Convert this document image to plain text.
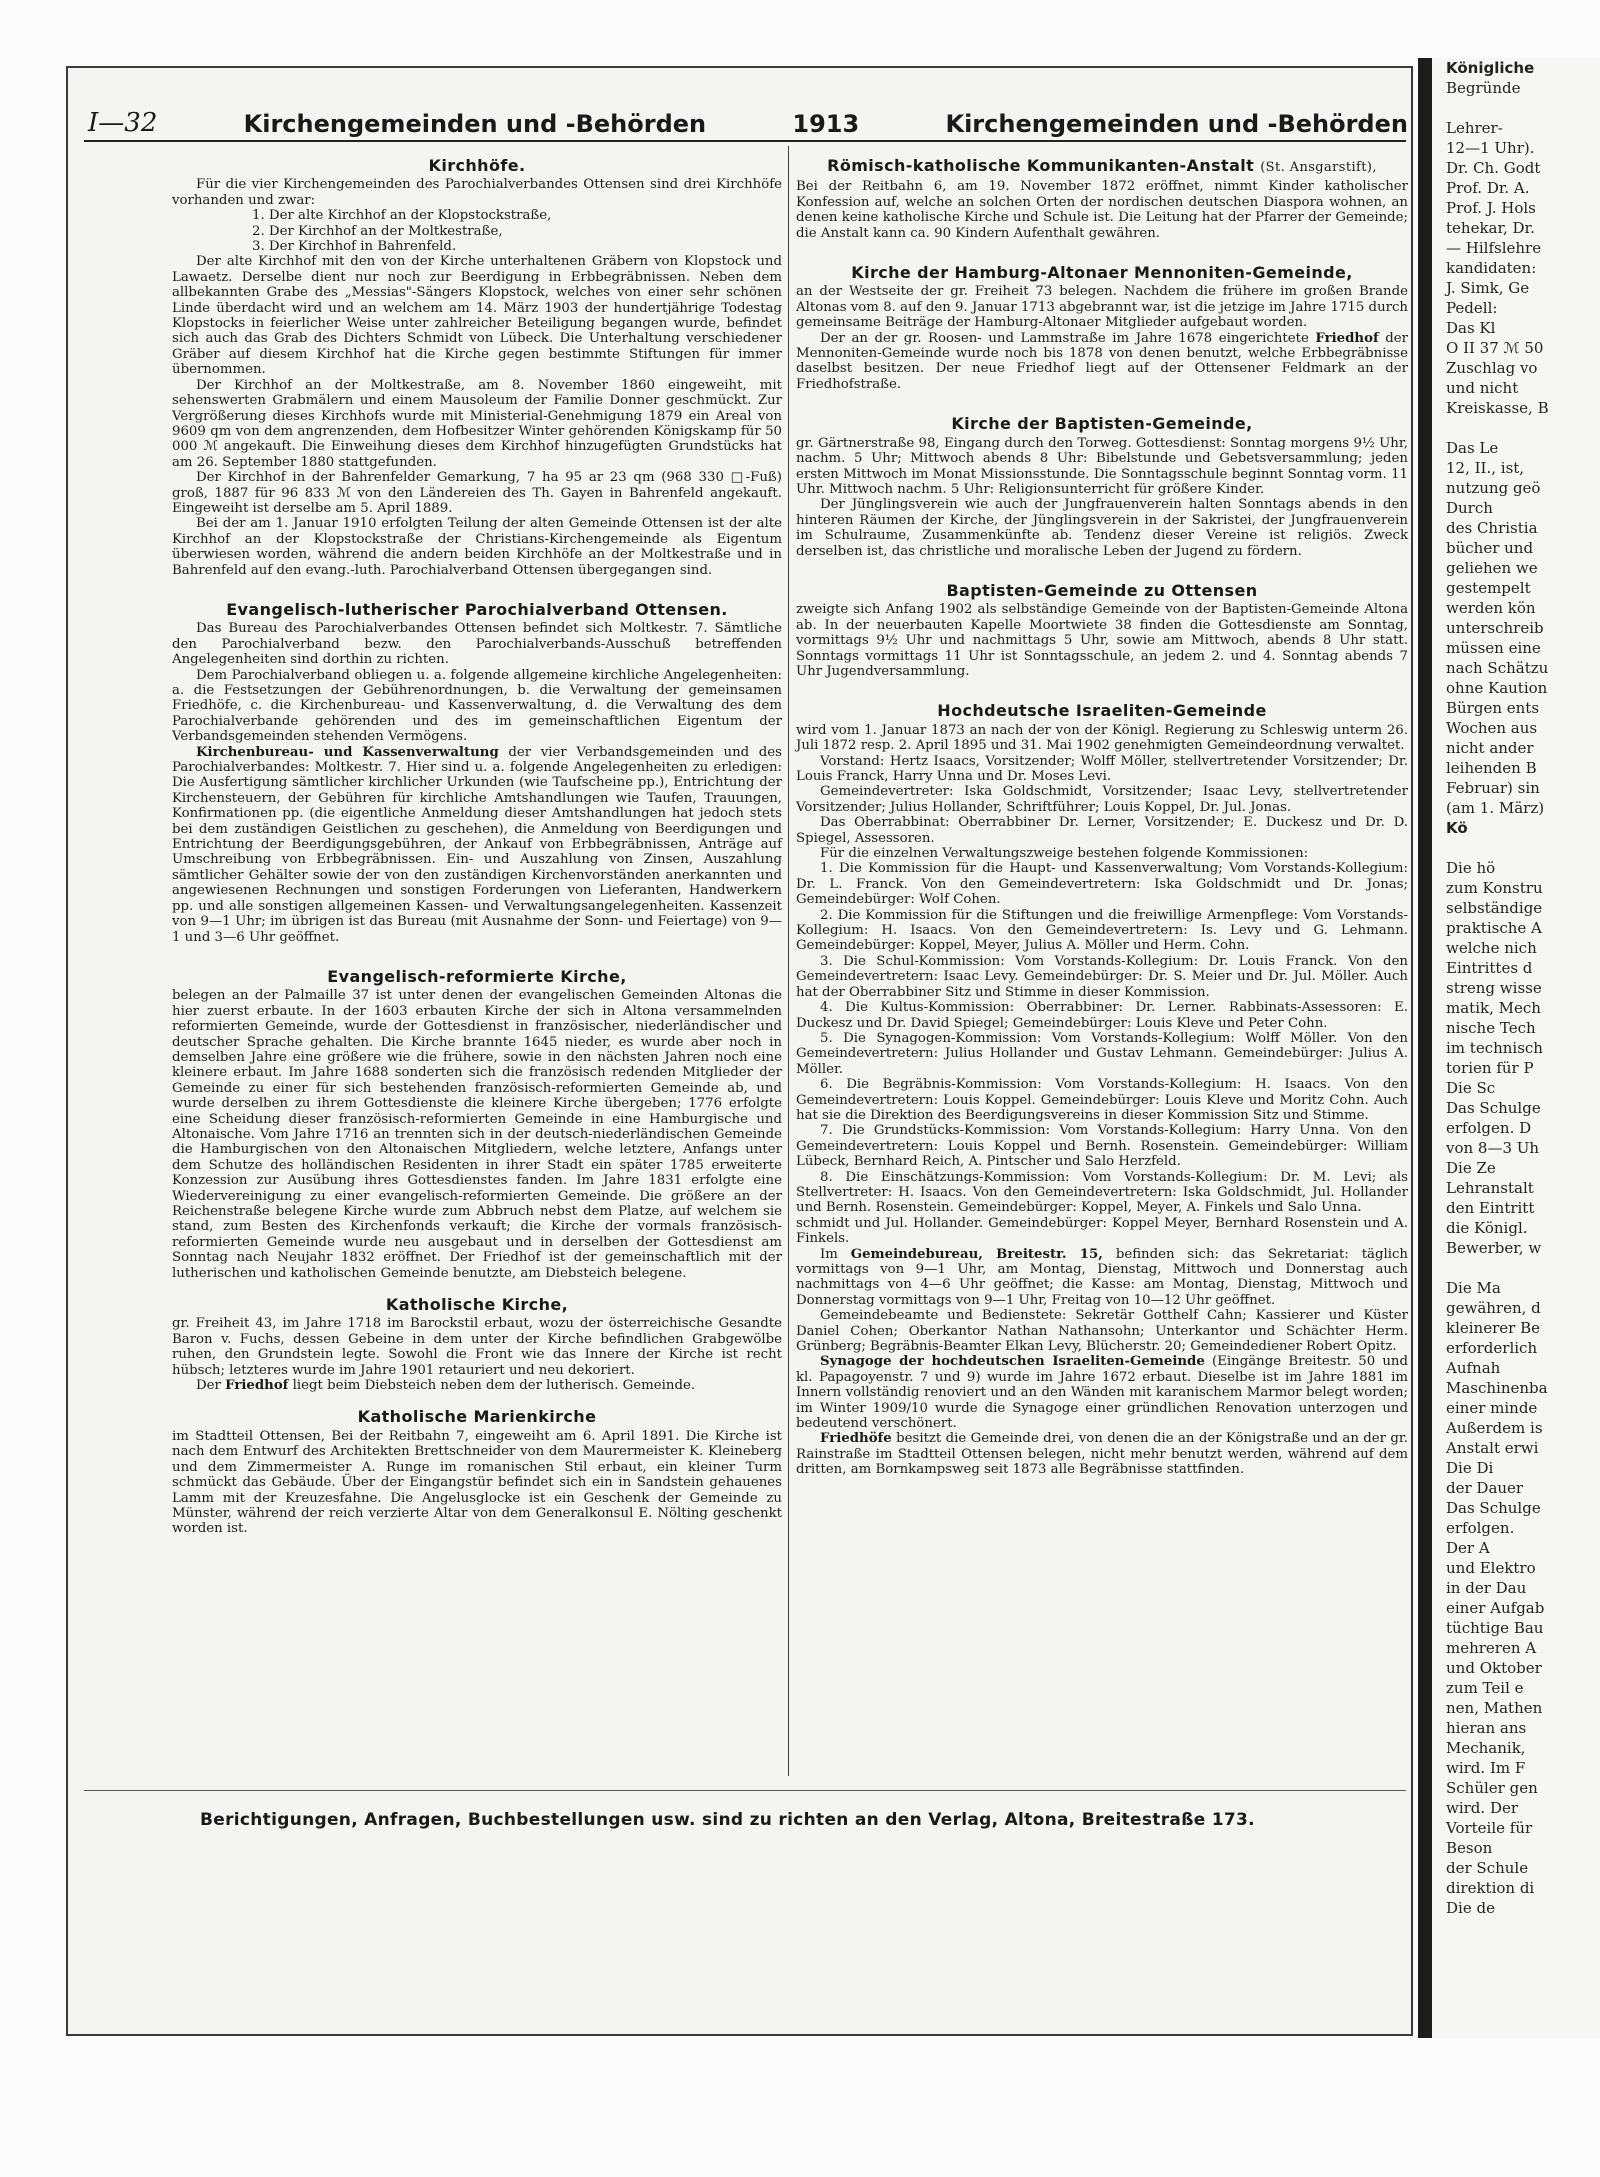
Königliche
Begründe

Lehrer-
12—1 Uhr).
Dr. Ch. Godt
Prof. Dr. A.
Prof. J. Hols
tehekar, Dr.
— Hilfslehre
kandidaten:
J. Simk, Ge
Pedell:
Das Kl
O II 37 ℳ 50
Zuschlag vo
und nicht
Kreiskasse, B

Das Le
12, II., ist,
nutzung geö
Durch
des Christia
bücher und
geliehen we
gestempelt
werden kön
unterschreib
müssen eine
nach Schätzu
ohne Kaution
Bürgen ents
Wochen aus
nicht ander
leihenden B
Februar) sin
(am 1. März)
Kö

Die hö
zum Konstru
selbständige
praktische A
welche nich
Eintrittes d
streng wisse
matik, Mech
nische Tech
im technisch
torien für P
Die Sc
Das Schulge
erfolgen. D
von 8—3 Uh
Die Ze
Lehranstalt
den Eintritt
die Königl.
Bewerber, w

Die Ma
gewähren, d
kleinerer Be
erforderlich
Aufnah
Maschinenba
einer minde
Außerdem is
Anstalt erwi
Die Di
der Dauer
Das Schulge
erfolgen.
Der A
und Elektro
in der Dau
einer Aufgab
tüchtige Bau
mehreren A
und Oktober
zum Teil e
nen, Mathen
hieran ans
Mechanik,
wird. Im F
Schüler gen
wird. Der
Vorteile für
Beson
der Schule
direktion di
Die de
I—32	Kirchengemeinden und -Behörden	1913	Kirchengemeinden und -Behörden
Kirchhöfe.

Für die vier Kirchengemeinden des Parochialverbandes Ottensen sind drei Kirchhöfe vorhanden und zwar:

1. Der alte Kirchhof an der Klopstockstraße,

2. Der Kirchhof an der Moltkestraße,

3. Der Kirchhof in Bahrenfeld.

Der alte Kirchhof mit den von der Kirche unterhaltenen Gräbern von Klopstock und Lawaetz. Derselbe dient nur noch zur Beerdigung in Erbbegräbnissen. Neben dem allbekannten Grabe des „Messias"-Sängers Klopstock, welches von einer sehr schönen Linde überdacht wird und an welchem am 14. März 1903 der hundertjährige Todestag Klopstocks in feierlicher Weise unter zahlreicher Beteiligung begangen wurde, befindet sich auch das Grab des Dichters Schmidt von Lübeck. Die Unterhaltung verschiedener Gräber auf diesem Kirchhof hat die Kirche gegen bestimmte Stiftungen für immer übernommen.

Der Kirchhof an der Moltkestraße, am 8. November 1860 eingeweiht, mit sehenswerten Grabmälern und einem Mausoleum der Familie Donner geschmückt. Zur Vergrößerung dieses Kirchhofs wurde mit Ministerial-Genehmigung 1879 ein Areal von 9609 qm von dem angrenzenden, dem Hofbesitzer Winter gehörenden Königskamp für 50 000 ℳ angekauft. Die Einweihung dieses dem Kirchhof hinzugefügten Grundstücks hat am 26. September 1880 stattgefunden.

Der Kirchhof in der Bahrenfelder Gemarkung, 7 ha 95 ar 23 qm (968 330 □-Fuß) groß, 1887 für 96 833 ℳ von den Ländereien des Th. Gayen in Bahrenfeld angekauft. Eingeweiht ist derselbe am 5. April 1889.

Bei der am 1. Januar 1910 erfolgten Teilung der alten Gemeinde Ottensen ist der alte Kirchhof an der Klopstockstraße der Christians-Kirchengemeinde als Eigentum überwiesen worden, während die andern beiden Kirchhöfe an der Moltkestraße und in Bahrenfeld auf den evang.-luth. Parochialverband Ottensen übergegangen sind.

Evangelisch-lutherischer Parochialverband Ottensen.

Das Bureau des Parochialverbandes Ottensen befindet sich Moltkestr. 7. Sämtliche den Parochialverband bezw. den Parochialverbands-Ausschuß betreffenden Angelegenheiten sind dorthin zu richten.

Dem Parochialverband obliegen u. a. folgende allgemeine kirchliche Angelegenheiten: a. die Festsetzungen der Gebührenordnungen, b. die Verwaltung der gemeinsamen Friedhöfe, c. die Kirchenbureau- und Kassenverwaltung, d. die Verwaltung des dem Parochialverbande gehörenden und des im gemeinschaftlichen Eigentum der Verbandsgemeinden stehenden Vermögens.

Kirchenbureau- und Kassenverwaltung der vier Verbandsgemeinden und des Parochialverbandes: Moltkestr. 7. Hier sind u. a. folgende Angelegenheiten zu erledigen: Die Ausfertigung sämtlicher kirchlicher Urkunden (wie Taufscheine pp.), Entrichtung der Kirchensteuern, der Gebühren für kirchliche Amtshandlungen wie Taufen, Trauungen, Konfirmationen pp. (die eigentliche Anmeldung dieser Amtshandlungen hat jedoch stets bei dem zuständigen Geistlichen zu geschehen), die Anmeldung von Beerdigungen und Entrichtung der Beerdigungsgebühren, der Ankauf von Erbbegräbnissen, Anträge auf Umschreibung von Erbbegräbnissen. Ein- und Auszahlung von Zinsen, Auszahlung sämtlicher Gehälter sowie der von den zuständigen Kirchenvorständen anerkannten und angewiesenen Rechnungen und sonstigen Forderungen von Lieferanten, Handwerkern pp. und alle sonstigen allgemeinen Kassen- und Verwaltungsangelegenheiten. Kassenzeit von 9—1 Uhr; im übrigen ist das Bureau (mit Ausnahme der Sonn- und Feiertage) von 9—1 und 3—6 Uhr geöffnet.

Evangelisch-reformierte Kirche,

belegen an der Palmaille 37 ist unter denen der evangelischen Gemeinden Altonas die hier zuerst erbaute. In der 1603 erbauten Kirche der sich in Altona versammelnden reformierten Gemeinde, wurde der Gottesdienst in französischer, niederländischer und deutscher Sprache gehalten. Die Kirche brannte 1645 nieder, es wurde aber noch in demselben Jahre eine größere wie die frühere, sowie in den nächsten Jahren noch eine kleinere erbaut. Im Jahre 1688 sonderten sich die französisch redenden Mitglieder der Gemeinde zu einer für sich bestehenden französisch-reformierten Gemeinde ab, und wurde derselben zu ihrem Gottesdienste die kleinere Kirche übergeben; 1776 erfolgte eine Scheidung dieser französisch-reformierten Gemeinde in eine Hamburgische und Altonaische. Vom Jahre 1716 an trennten sich in der deutsch-niederländischen Gemeinde die Hamburgischen von den Altonaischen Mitgliedern, welche letztere, Anfangs unter dem Schutze des holländischen Residenten in ihrer Stadt ein später 1785 erweiterte Konzession zur Ausübung ihres Gottesdienstes fanden. Im Jahre 1831 erfolgte eine Wiedervereinigung zu einer evangelisch-reformierten Gemeinde. Die größere an der Reichenstraße belegene Kirche wurde zum Abbruch nebst dem Platze, auf welchem sie stand, zum Besten des Kirchenfonds verkauft; die Kirche der vormals französisch-reformierten Gemeinde wurde neu ausgebaut und in derselben der Gottesdienst am Sonntag nach Neujahr 1832 eröffnet. Der Friedhof ist der gemeinschaftlich mit der lutherischen und katholischen Gemeinde benutzte, am Diebsteich belegene.

Katholische Kirche,

gr. Freiheit 43, im Jahre 1718 im Barockstil erbaut, wozu der österreichische Gesandte Baron v. Fuchs, dessen Gebeine in dem unter der Kirche befindlichen Grabgewölbe ruhen, den Grundstein legte. Sowohl die Front wie das Innere der Kirche ist recht hübsch; letzteres wurde im Jahre 1901 retauriert und neu dekoriert.

Der Friedhof liegt beim Diebsteich neben dem der lutherisch. Gemeinde.

Katholische Marienkirche

im Stadtteil Ottensen, Bei der Reitbahn 7, eingeweiht am 6. April 1891. Die Kirche ist nach dem Entwurf des Architekten Brettschneider von dem Maurermeister K. Kleineberg und dem Zimmermeister A. Runge im romanischen Stil erbaut, ein kleiner Turm schmückt das Gebäude. Über der Eingangstür befindet sich ein in Sandstein gehauenes Lamm mit der Kreuzesfahne. Die Angelusglocke ist ein Geschenk der Gemeinde zu Münster, während der reich verzierte Altar von dem Generalkonsul E. Nölting geschenkt worden ist.

Römisch-katholische Kommunikanten-Anstalt (St. Ansgarstift),

Bei der Reitbahn 6, am 19. November 1872 eröffnet, nimmt Kinder katholischer Konfession auf, welche an solchen Orten der nordischen deutschen Diaspora wohnen, an denen keine katholische Kirche und Schule ist. Die Leitung hat der Pfarrer der Gemeinde; die Anstalt kann ca. 90 Kindern Aufenthalt gewähren.

Kirche der Hamburg-Altonaer Mennoniten-Gemeinde,

an der Westseite der gr. Freiheit 73 belegen. Nachdem die frühere im großen Brande Altonas vom 8. auf den 9. Januar 1713 abgebrannt war, ist die jetzige im Jahre 1715 durch gemeinsame Beiträge der Hamburg-Altonaer Mitglieder aufgebaut worden.

Der an der gr. Roosen- und Lammstraße im Jahre 1678 eingerichtete Friedhof der Mennoniten-Gemeinde wurde noch bis 1878 von denen benutzt, welche Erbbegräbnisse daselbst besitzen. Der neue Friedhof liegt auf der Ottensener Feldmark an der Friedhofstraße.

Kirche der Baptisten-Gemeinde,

gr. Gärtnerstraße 98, Eingang durch den Torweg. Gottesdienst: Sonntag morgens 9½ Uhr, nachm. 5 Uhr; Mittwoch abends 8 Uhr: Bibelstunde und Gebetsversammlung; jeden ersten Mittwoch im Monat Missionsstunde. Die Sonntagsschule beginnt Sonntag vorm. 11 Uhr. Mittwoch nachm. 5 Uhr: Religionsunterricht für größere Kinder.

Der Jünglingsverein wie auch der Jungfrauenverein halten Sonntags abends in den hinteren Räumen der Kirche, der Jünglingsverein in der Sakristei, der Jungfrauenverein im Schulraume, Zusammenkünfte ab. Tendenz dieser Vereine ist religiös. Zweck derselben ist, das christliche und moralische Leben der Jugend zu fördern.

Baptisten-Gemeinde zu Ottensen

zweigte sich Anfang 1902 als selbständige Gemeinde von der Baptisten-Gemeinde Altona ab. In der neuerbauten Kapelle Moortwiete 38 finden die Gottesdienste am Sonntag, vormittags 9½ Uhr und nachmittags 5 Uhr, sowie am Mittwoch, abends 8 Uhr statt. Sonntags vormittags 11 Uhr ist Sonntagsschule, an jedem 2. und 4. Sonntag abends 7 Uhr Jugendversammlung.

Hochdeutsche Israeliten-Gemeinde

wird vom 1. Januar 1873 an nach der von der Königl. Regierung zu Schleswig unterm 26. Juli 1872 resp. 2. April 1895 und 31. Mai 1902 genehmigten Gemeindeordnung verwaltet.

Vorstand: Hertz Isaacs, Vorsitzender; Wolff Möller, stellvertretender Vorsitzender; Dr. Louis Franck, Harry Unna und Dr. Moses Levi.

Gemeindevertreter: Iska Goldschmidt, Vorsitzender; Isaac Levy, stellvertretender Vorsitzender; Julius Hollander, Schriftführer; Louis Koppel, Dr. Jul. Jonas.

Das Oberrabbinat: Oberrabbiner Dr. Lerner, Vorsitzender; E. Duckesz und Dr. D. Spiegel, Assessoren.

Für die einzelnen Verwaltungszweige bestehen folgende Kommissionen:

1. Die Kommission für die Haupt- und Kassenverwaltung; Vom Vorstands-Kollegium: Dr. L. Franck. Von den Gemeindevertretern: Iska Goldschmidt und Dr. Jonas; Gemeindebürger: Wolf Cohen.

2. Die Kommission für die Stiftungen und die freiwillige Armenpflege: Vom Vorstands-Kollegium: H. Isaacs. Von den Gemeindevertretern: Is. Levy und G. Lehmann. Gemeindebürger: Koppel, Meyer, Julius A. Möller und Herm. Cohn.

3. Die Schul-Kommission: Vom Vorstands-Kollegium: Dr. Louis Franck. Von den Gemeindevertretern: Isaac Levy. Gemeindebürger: Dr. S. Meier und Dr. Jul. Möller. Auch hat der Oberrabbiner Sitz und Stimme in dieser Kommission.

4. Die Kultus-Kommission: Oberrabbiner: Dr. Lerner. Rabbinats-Assessoren: E. Duckesz und Dr. David Spiegel; Gemeindebürger: Louis Kleve und Peter Cohn.

5. Die Synagogen-Kommission: Vom Vorstands-Kollegium: Wolff Möller. Von den Gemeindevertretern: Julius Hollander und Gustav Lehmann. Gemeindebürger: Julius A. Möller.

6. Die Begräbnis-Kommission: Vom Vorstands-Kollegium: H. Isaacs. Von den Gemeindevertretern: Louis Koppel. Gemeindebürger: Louis Kleve und Moritz Cohn. Auch hat sie die Direktion des Beerdigungsvereins in dieser Kommission Sitz und Stimme.

7. Die Grundstücks-Kommission: Vom Vorstands-Kollegium: Harry Unna. Von den Gemeindevertretern: Louis Koppel und Bernh. Rosenstein. Gemeindebürger: William Lübeck, Bernhard Reich, A. Pintscher und Salo Herzfeld.

8. Die Einschätzungs-Kommission: Vom Vorstands-Kollegium: Dr. M. Levi; als Stellvertreter: H. Isaacs. Von den Gemeindevertretern: Iska Goldschmidt, Jul. Hollander und Bernh. Rosenstein. Gemeindebürger: Koppel, Meyer, A. Finkels und Salo Unna.

schmidt und Jul. Hollander. Gemeindebürger: Koppel Meyer, Bernhard Rosenstein und A. Finkels.

Im Gemeindebureau, Breitestr. 15, befinden sich: das Sekretariat: täglich vormittags von 9—1 Uhr, am Montag, Dienstag, Mittwoch und Donnerstag auch nachmittags von 4—6 Uhr geöffnet; die Kasse: am Montag, Dienstag, Mittwoch und Donnerstag vormittags von 9—1 Uhr, Freitag von 10—12 Uhr geöffnet.

Gemeindebeamte und Bedienstete: Sekretär Gotthelf Cahn; Kassierer und Küster Daniel Cohen; Oberkantor Nathan Nathansohn; Unterkantor und Schächter Herm. Grünberg; Begräbnis-Beamter Elkan Levy, Blücherstr. 20; Gemeindediener Robert Opitz.

Synagoge der hochdeutschen Israeliten-Gemeinde (Eingänge Breitestr. 50 und kl. Papagoyenstr. 7 und 9) wurde im Jahre 1672 erbaut. Dieselbe ist im Jahre 1881 im Innern vollständig renoviert und an den Wänden mit karanischem Marmor belegt worden; im Winter 1909/10 wurde die Synagoge einer gründlichen Renovation unterzogen und bedeutend verschönert.

Friedhöfe besitzt die Gemeinde drei, von denen die an der Königstraße und an der gr. Rainstraße im Stadtteil Ottensen belegen, nicht mehr benutzt werden, während auf dem dritten, am Bornkampsweg seit 1873 alle Begräbnisse stattfinden.

Berichtigungen, Anfragen, Buchbestellungen usw. sind zu richten an den Verlag, Altona, Breitestraße 173.
